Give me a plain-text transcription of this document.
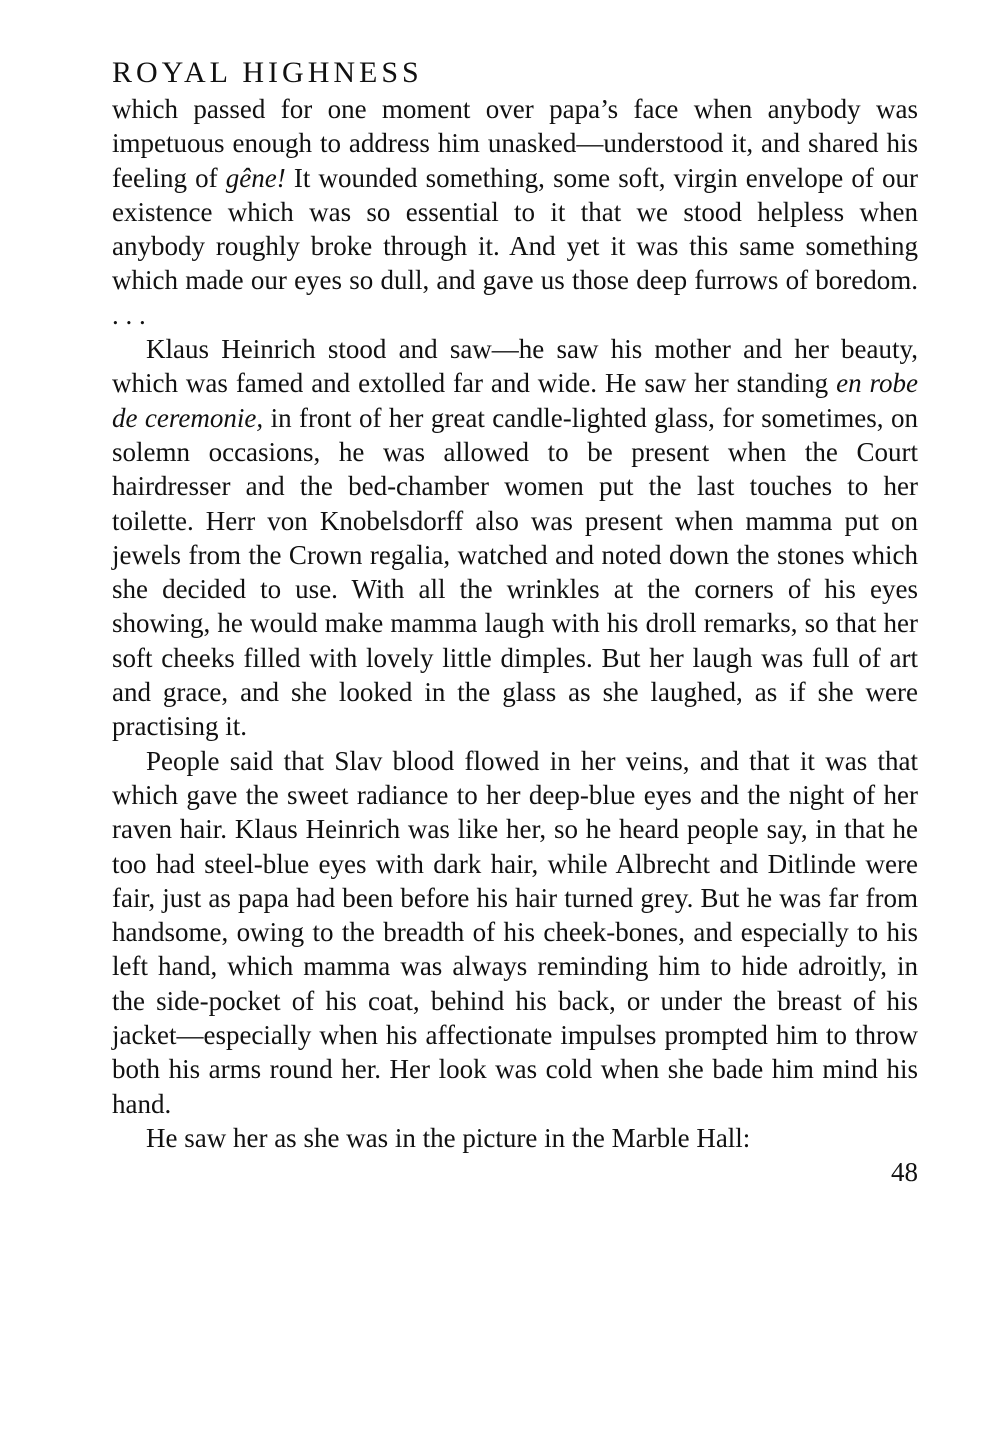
ROYAL HIGHNESS

which passed for one moment over papa’s face when anybody was impetuous enough to address him unasked—understood it, and shared his feeling of gêne! It wounded something, some soft, virgin envelope of our existence which was so essential to it that we stood helpless when anybody roughly broke through it. And yet it was this same something which made our eyes so dull, and gave us those deep furrows of boredom. . . .

Klaus Heinrich stood and saw—he saw his mother and her beauty, which was famed and extolled far and wide. He saw her standing en robe de ceremonie, in front of her great candle-lighted glass, for sometimes, on solemn occasions, he was allowed to be present when the Court hairdresser and the bed-chamber women put the last touches to her toilette. Herr von Knobelsdorff also was present when mamma put on jewels from the Crown regalia, watched and noted down the stones which she decided to use. With all the wrinkles at the corners of his eyes showing, he would make mamma laugh with his droll remarks, so that her soft cheeks filled with lovely little dimples. But her laugh was full of art and grace, and she looked in the glass as she laughed, as if she were practising it.

People said that Slav blood flowed in her veins, and that it was that which gave the sweet radiance to her deep-blue eyes and the night of her raven hair. Klaus Heinrich was like her, so he heard people say, in that he too had steel-blue eyes with dark hair, while Albrecht and Ditlinde were fair, just as papa had been before his hair turned grey. But he was far from handsome, owing to the breadth of his cheek-bones, and especially to his left hand, which mamma was always reminding him to hide adroitly, in the side-pocket of his coat, behind his back, or under the breast of his jacket—especially when his affectionate impulses prompted him to throw both his arms round her. Her look was cold when she bade him mind his hand.

He saw her as she was in the picture in the Marble Hall:

48
